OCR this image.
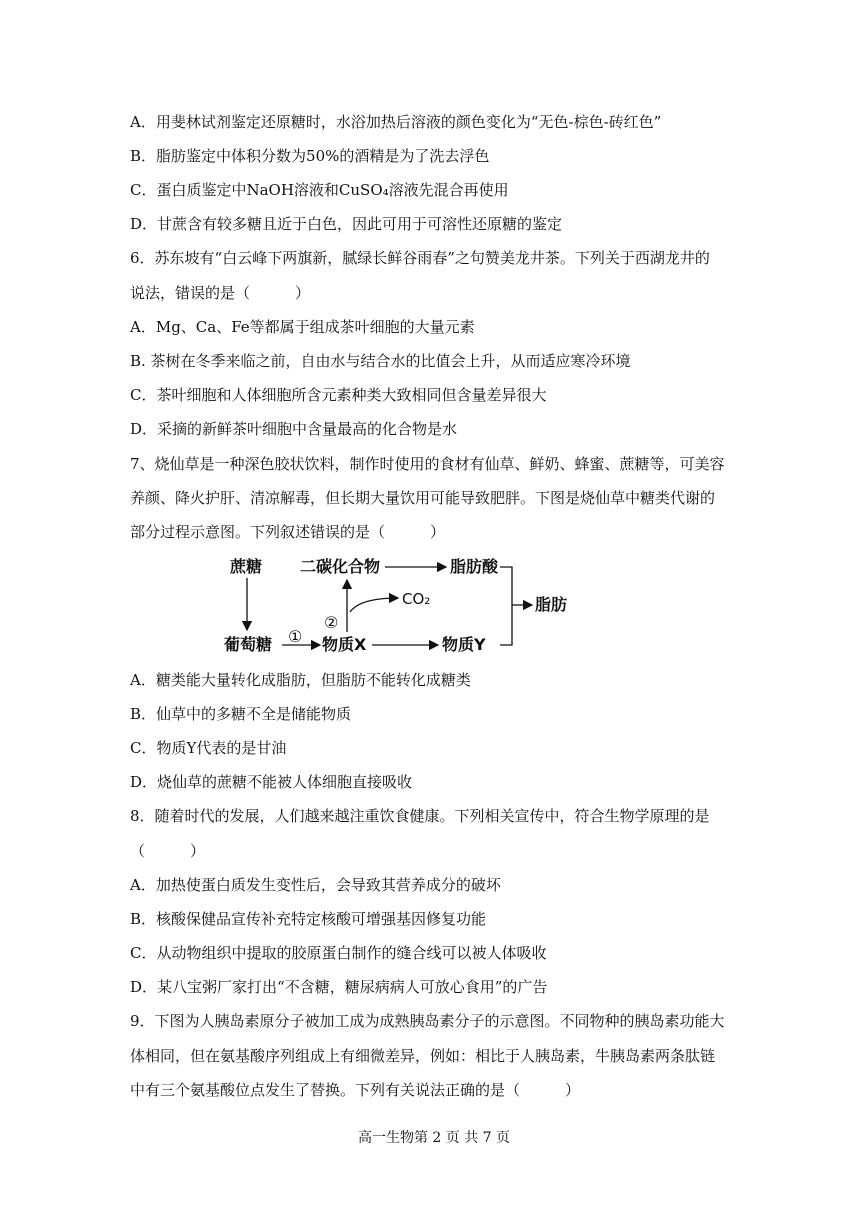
A．用斐林试剂鉴定还原糖时，水浴加热后溶液的颜色变化为“无色-棕色-砖红色”
B．脂肪鉴定中体积分数为50%的酒精是为了洗去浮色
C．蛋白质鉴定中NaOH溶液和CuSO₄溶液先混合再使用
D．甘蔗含有较多糖且近于白色，因此可用于可溶性还原糖的鉴定
6．苏东坡有“白云峰下两旗新，腻绿长鲜谷雨春”之句赞美龙井茶。下列关于西湖龙井的
说法，错误的是（　　　）
A．Mg、Ca、Fe等都属于组成茶叶细胞的大量元素
B. 茶树在冬季来临之前，自由水与结合水的比值会上升，从而适应寒冷环境
C．茶叶细胞和人体细胞所含元素种类大致相同但含量差异很大
D．采摘的新鲜茶叶细胞中含量最高的化合物是水
7、烧仙草是一种深色胶状饮料，制作时使用的食材有仙草、鲜奶、蜂蜜、蔗糖等，可美容
养颜、降火护肝、清凉解毒，但长期大量饮用可能导致肥胖。下图是烧仙草中糖类代谢的
部分过程示意图。下列叙述错误的是（　　　）
蔗糖 二碳化合物	脂肪酸
CO₂	脂肪
葡萄糖 ①
②
物质X	物质Y
A．糖类能大量转化成脂肪，但脂肪不能转化成糖类
B．仙草中的多糖不全是储能物质
C．物质Y代表的是甘油
D．烧仙草的蔗糖不能被人体细胞直接吸收
8．随着时代的发展，人们越来越注重饮食健康。下列相关宣传中，符合生物学原理的是
（　　　）
A．加热使蛋白质发生变性后，会导致其营养成分的破坏
B．核酸保健品宣传补充特定核酸可增强基因修复功能
C．从动物组织中提取的胶原蛋白制作的缝合线可以被人体吸收
D．某八宝粥厂家打出“不含糖，糖尿病病人可放心食用”的广告
9．下图为人胰岛素原分子被加工成为成熟胰岛素分子的示意图。不同物种的胰岛素功能大
体相同，但在氨基酸序列组成上有细微差异，例如：相比于人胰岛素，牛胰岛素两条肽链
中有三个氨基酸位点发生了替换。下列有关说法正确的是（　　　）
高一生物第 2 页 共 7 页
